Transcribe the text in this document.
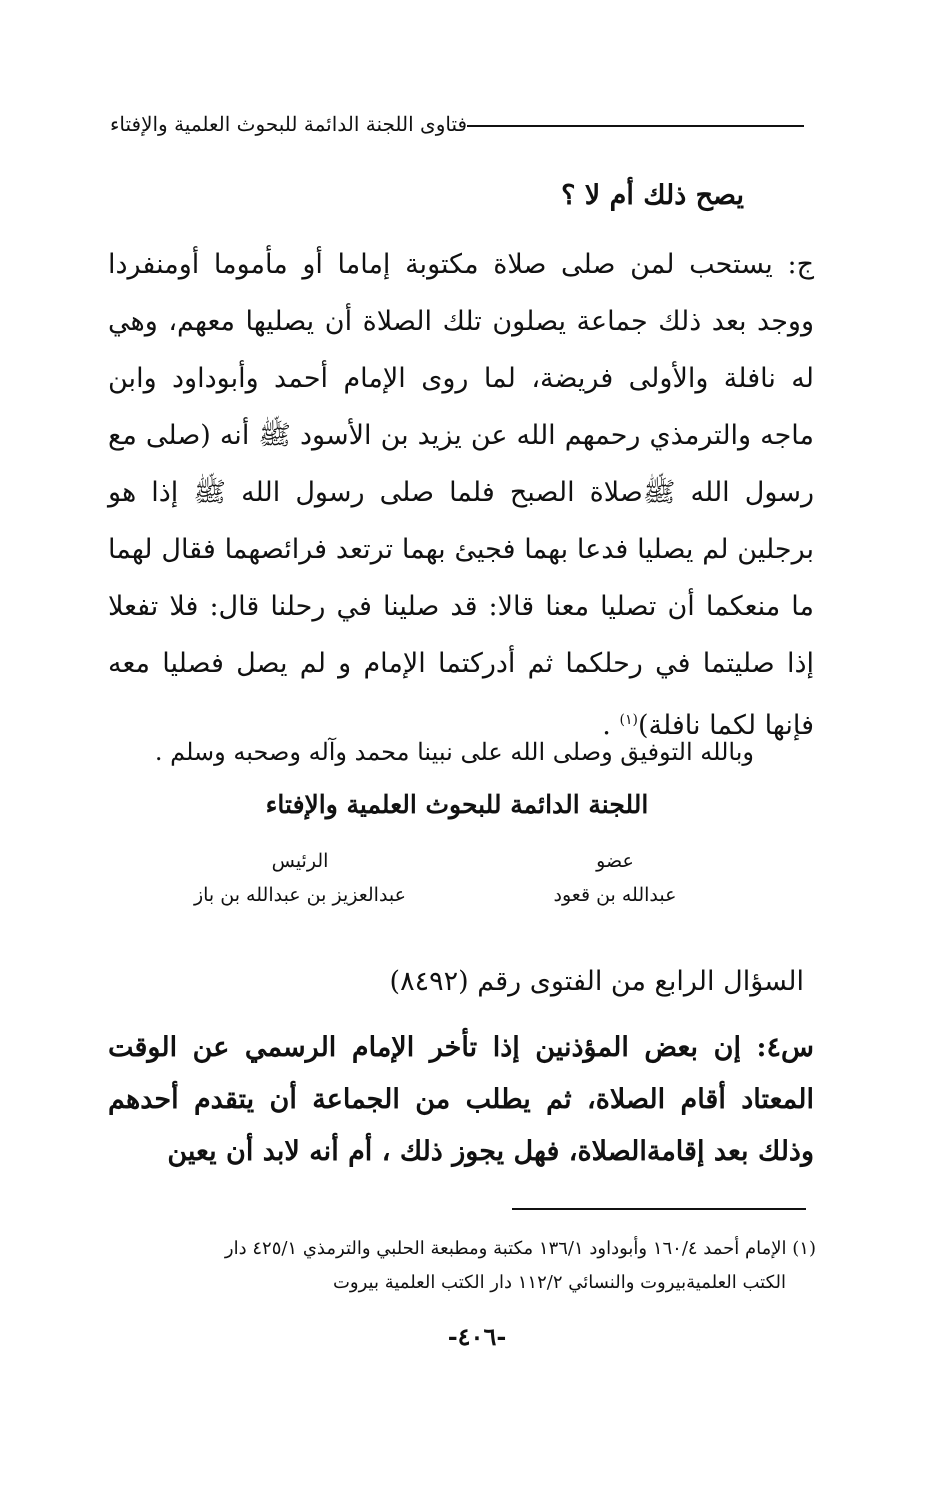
فتاوى اللجنة الدائمة للبحوث العلمية والإفتاء
يصح ذلك أم لا ؟
ج: يستحب لمن صلى صلاة مكتوبة إماما أو مأموما أومنفردا ووجد بعد ذلك جماعة يصلون تلك الصلاة أن يصليها معهم، وهي له نافلة والأولى فريضة، لما روى الإمام أحمد وأبوداود وابن ماجه والترمذي رحمهم الله عن يزيد بن الأسود ﷺ أنه (صلى مع رسول الله ﷺصلاة الصبح فلما صلى رسول الله ﷺ إذا هو برجلين لم يصليا فدعا بهما فجيئ بهما ترتعد فرائصهما فقال لهما ما منعكما أن تصليا معنا قالا: قد صلينا في رحلنا قال: فلا تفعلا إذا صليتما في رحلكما ثم أدركتما الإمام و لم يصل فصليا معه فإنها لكما نافلة)$^{(١)}$ .
وبالله التوفيق وصلى الله على نبينا محمد وآله وصحبه وسلم .
اللجنة الدائمة للبحوث العلمية والإفتاء
عضو
عبدالله بن قعود
الرئيس
عبدالعزيز بن عبدالله بن باز
السؤال الرابع من الفتوى رقم (٨٤٩٢)
س٤: إن بعض المؤذنين إذا تأخر الإمام الرسمي عن الوقت المعتاد أقام الصلاة، ثم يطلب من الجماعة أن يتقدم أحدهم وذلك بعد إقامةالصلاة، فهل يجوز ذلك ، أم أنه لابد أن يعين
(١) الإمام أحمد ١٦٠/٤ وأبوداود ١٣٦/١ مكتبة ومطبعة الحلبي والترمذي ٤٢٥/١ دار
الكتب العلميةبيروت والنسائي ١١٢/٢ دار الكتب العلمية بيروت
-٤٠٦-
